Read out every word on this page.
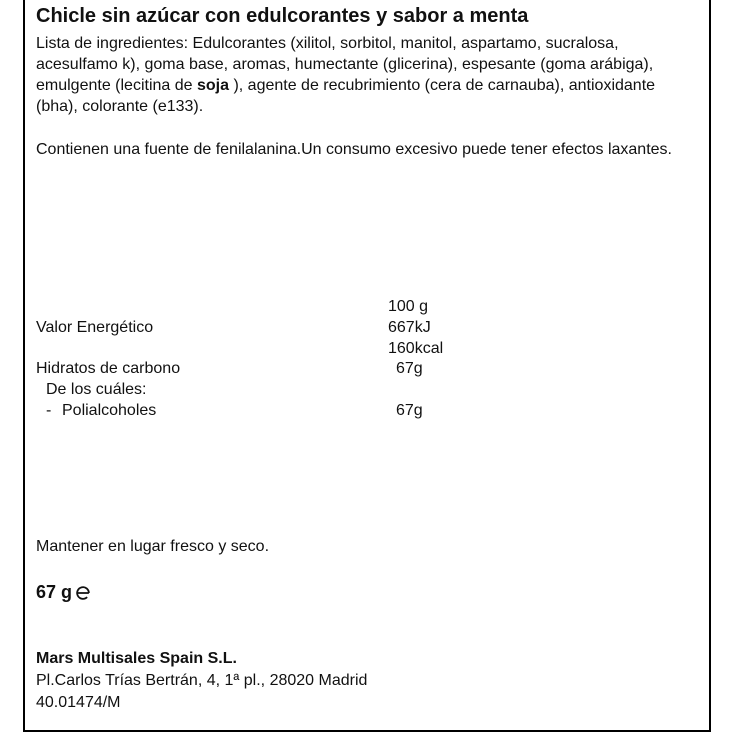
Chicle sin azúcar con edulcorantes y sabor a menta
Lista de ingredientes: Edulcorantes (xilitol, sorbitol, manitol, aspartamo, sucralosa, acesulfamo k), goma base, aromas, humectante (glicerina), espesante (goma arábiga), emulgente (lecitina de soja ), agente de recubrimiento (cera de carnauba), antioxidante (bha), colorante (e133).
Contienen una fuente de fenilalanina.Un consumo excesivo puede tener efectos laxantes.
100 g
Valor Energético	667kJ
160kcal
Hidratos de carbono	67g
De los cuáles:
- Polialcoholes	67g
Mantener en lugar fresco y seco.
67 g
Mars Multisales Spain S.L.
Pl.Carlos Trías Bertrán, 4, 1ª pl., 28020 Madrid
40.01474/M
